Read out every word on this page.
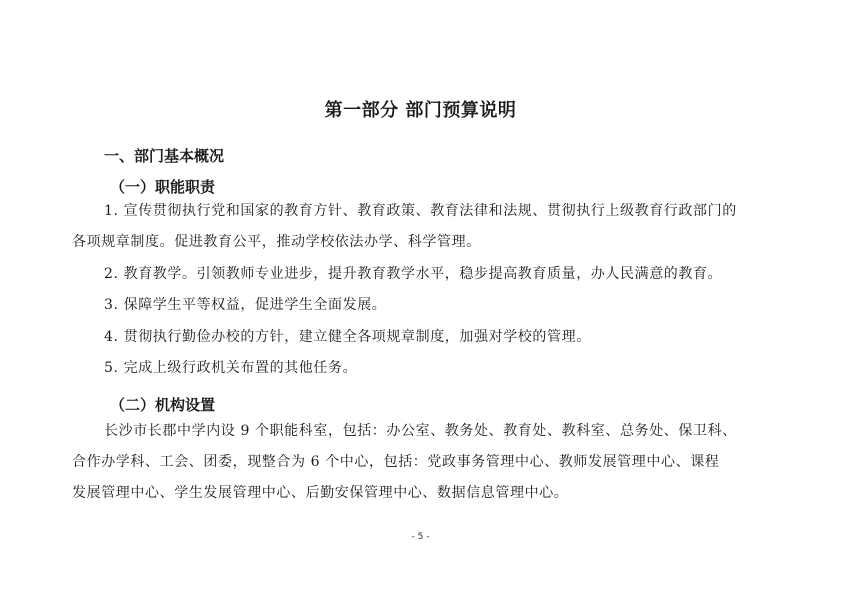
第一部分 部门预算说明
一、部门基本概况
（一）职能职责
1. 宣传贯彻执行党和国家的教育方针、教育政策、教育法律和法规、贯彻执行上级教育行政部门的
各项规章制度。促进教育公平，推动学校依法办学、科学管理。
2. 教育教学。引领教师专业进步，提升教育教学水平，稳步提高教育质量，办人民满意的教育。
3. 保障学生平等权益，促进学生全面发展。
4. 贯彻执行勤俭办校的方针，建立健全各项规章制度，加强对学校的管理。
5. 完成上级行政机关布置的其他任务。
（二）机构设置
长沙市长郡中学内设 9 个职能科室，包括：办公室、教务处、教育处、教科室、总务处、保卫科、
合作办学科、工会、团委，现整合为 6 个中心，包括：党政事务管理中心、教师发展管理中心、课程
发展管理中心、学生发展管理中心、后勤安保管理中心、数据信息管理中心。
- 5 -
